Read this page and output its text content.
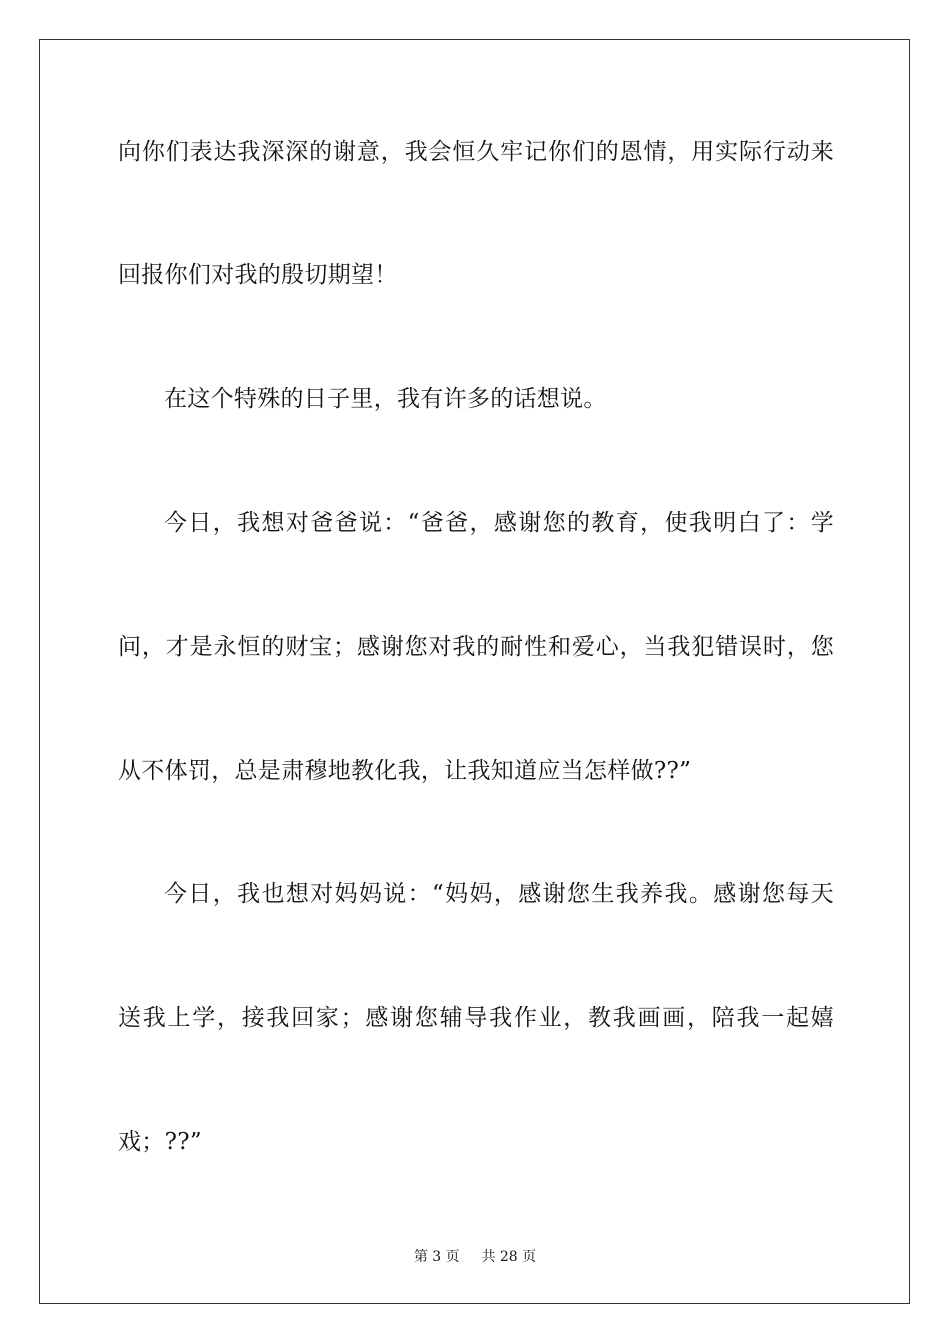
向你们表达我深深的谢意，我会恒久牢记你们的恩情，用实际行动来
回报你们对我的殷切期望！
在这个特殊的日子里，我有许多的话想说。
今日，我想对爸爸说：“爸爸，感谢您的教育，使我明白了：学
问，才是永恒的财宝；感谢您对我的耐性和爱心，当我犯错误时，您
从不体罚，总是肃穆地教化我，让我知道应当怎样做??”
今日，我也想对妈妈说：“妈妈，感谢您生我养我。感谢您每天
送我上学，接我回家；感谢您辅导我作业，教我画画，陪我一起嬉
戏；??”
第 3 页 共 28 页
